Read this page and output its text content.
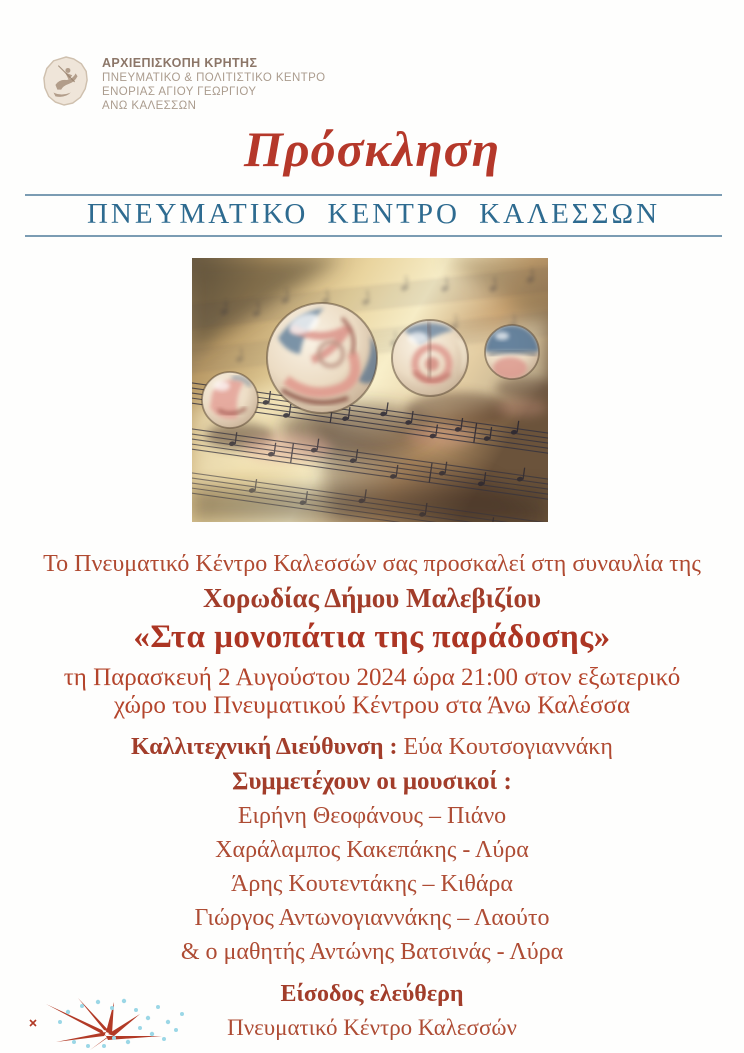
ΑΡΧΙΕΠΙΣΚΟΠΗ ΚΡΗΤΗΣ
ΠΝΕΥΜΑΤΙΚΟ & ΠΟΛΙΤΙΣΤΙΚΟ ΚΕΝΤΡΟ
ΕΝΟΡΙΑΣ ΑΓΙΟΥ ΓΕΩΡΓΙΟΥ
ΑΝΩ ΚΑΛΕΣΣΩΝ
Πρόσκληση
ΠΝΕΥΜΑΤΙΚΟ ΚΕΝΤΡΟ ΚΑΛΕΣΣΩΝ
Το Πνευματικό Κέντρο Καλεσσών σας προσκαλεί στη συναυλία της
Χορωδίας Δήμου Μαλεβιζίου
«Στα μονοπάτια της παράδοσης»
τη Παρασκευή 2 Αυγούστου 2024 ώρα 21:00 στον εξωτερικό
χώρο του Πνευματικού Κέντρου στα Άνω Καλέσσα
Καλλιτεχνική Διεύθυνση : Εύα Κουτσογιαννάκη
Συμμετέχουν οι μουσικοί :
Ειρήνη Θεοφάνους – Πιάνο
Χαράλαμπος Κακεπάκης - Λύρα
Άρης Κουτεντάκης – Κιθάρα
Γιώργος Αντωνογιαννάκης – Λαούτο
& ο μαθητής Αντώνης Βατσινάς - Λύρα
Είσοδος ελεύθερη
Πνευματικό Κέντρο Καλεσσών
